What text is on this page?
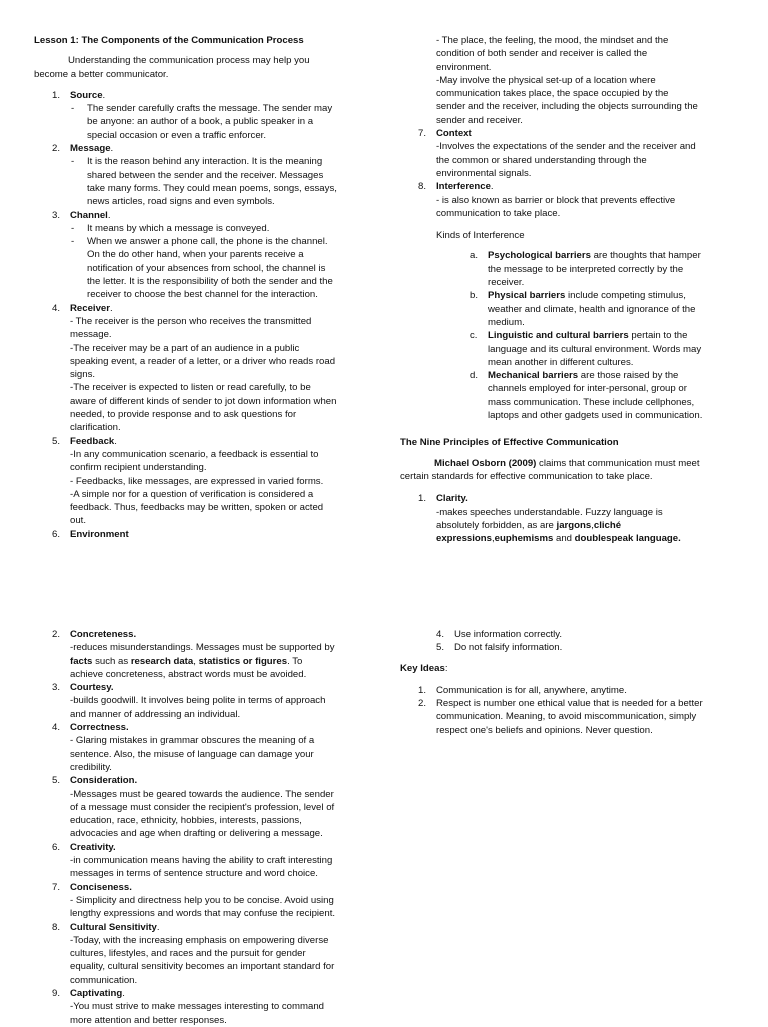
Lesson 1: The Components of the Communication Process
Understanding the communication process may help you
become a better communicator.
1. Source.
- The sender carefully crafts the message. The sender may
be anyone: an author of a book, a public speaker in a
special occasion or even a traffic enforcer.
2. Message.
- It is the reason behind any interaction. It is the meaning
shared between the sender and the receiver. Messages
take many forms. They could mean poems, songs, essays,
news articles, road signs and even symbols.
3. Channel.
- It means by which a message is conveyed.
- When we answer a phone call, the phone is the channel.
On the do other hand, when your parents receive a
notification of your absences from school, the channel is
the letter. It is the responsibility of both the sender and the
receiver to choose the best channel for the interaction.
4. Receiver.
- The receiver is the person who receives the transmitted
message.
-The receiver may be a part of an audience in a public
speaking event, a reader of a letter, or a driver who reads road
signs.
-The receiver is expected to listen or read carefully, to be
aware of different kinds of sender to jot down information when
needed, to provide response and to ask questions for
clarification.
5. Feedback.
-In any communication scenario, a feedback is essential to
confirm recipient understanding.
- Feedbacks, like messages, are expressed in varied forms.
-A simple nor for a question of verification is considered a
feedback. Thus, feedbacks may be written, spoken or acted
out.
6. Environment
- The place, the feeling, the mood, the mindset and the
condition of both sender and receiver is called the
environment.
-May involve the physical set-up of a location where
communication takes place, the space occupied by the
sender and the receiver, including the objects surrounding the
sender and receiver.
7. Context
-Involves the expectations of the sender and the receiver and
the common or shared understanding through the
environmental signals.
8. Interference.
- is also known as barrier or block that prevents effective
communication to take place.
Kinds of Interference
a. Psychological barriers are thoughts that hamper
the message to be interpreted correctly by the
receiver.
b. Physical barriers include competing stimulus,
weather and climate, health and ignorance of the
medium.
c. Linguistic and cultural barriers pertain to the
language and its cultural environment. Words may
mean another in different cultures.
d. Mechanical barriers are those raised by the
channels employed for inter-personal, group or
mass communication. These include cellphones,
laptops and other gadgets used in communication.
The Nine Principles of Effective Communication
Michael Osborn (2009) claims that communication must meet
certain standards for effective communication to take place.
1. Clarity.
-makes speeches understandable. Fuzzy language is
absolutely forbidden, as are jargons,cliché
expressions,euphemisms and doublespeak language.
2. Concreteness.
-reduces misunderstandings. Messages must be supported by
facts such as research data, statistics or figures. To
achieve concreteness, abstract words must be avoided.
3. Courtesy.
-builds goodwill. It involves being polite in terms of approach
and manner of addressing an individual.
4. Correctness.
- Glaring mistakes in grammar obscures the meaning of a
sentence. Also, the misuse of language can damage your
credibility.
5. Consideration.
-Messages must be geared towards the audience. The sender
of a message must consider the recipient's profession, level of
education, race, ethnicity, hobbies, interests, passions,
advocacies and age when drafting or delivering a message.
6. Creativity.
-in communication means having the ability to craft interesting
messages in terms of sentence structure and word choice.
7. Conciseness.
- Simplicity and directness help you to be concise. Avoid using
lengthy expressions and words that may confuse the recipient.
8. Cultural Sensitivity.
-Today, with the increasing emphasis on empowering diverse
cultures, lifestyles, and races and the pursuit for gender
equality, cultural sensitivity becomes an important standard for
communication.
9. Captivating.
-You must strive to make messages interesting to command
more attention and better responses.
4. Use information correctly.
5. Do not falsify information.
Key Ideas:
1. Communication is for all, anywhere, anytime.
2. Respect is number one ethical value that is needed for a better
communication. Meaning, to avoid miscommunication, simply
respect one's beliefs and opinions. Never question.
